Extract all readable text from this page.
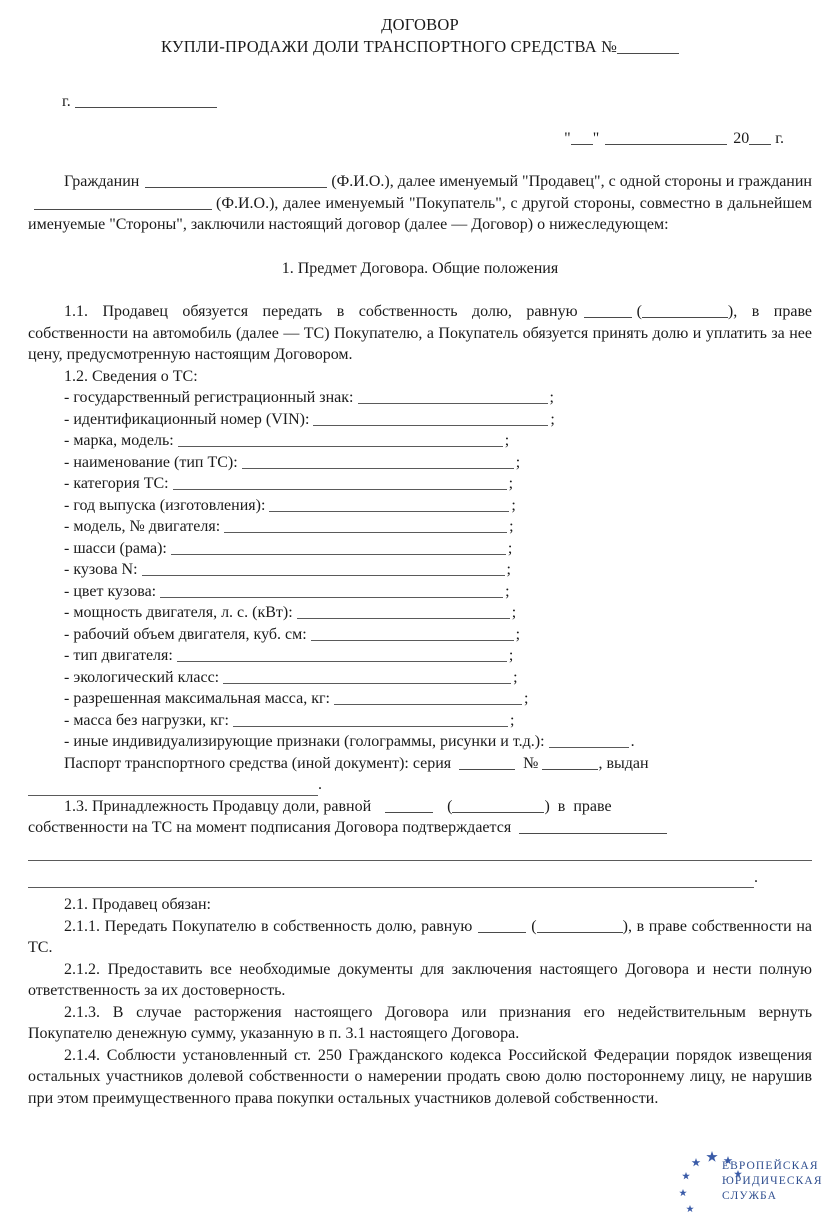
ДОГОВОР
КУПЛИ-ПРОДАЖИ ДОЛИ ТРАНСПОРТНОГО СРЕДСТВА №
г.
" "	20 г.

Гражданин	(Ф.И.О.), далее именуемый "Продавец", с одной стороны и гражданин(Ф.И.О.), далее именуемый "Покупатель", с другой стороны, совместно в дальнейшем именуемые "Стороны", заключили настоящий договор (далее — Договор) о нижеследующем:

1. Предмет Договора. Общие положения

1.1. Продавец обязуется передать в собственность долю, равную	(	), в праве собственности на автомобиль (далее — ТС) Покупателю, а Покупатель обязуется принять долю и уплатить за нее цену, предусмотренную настоящим Договором.

1.2. Сведения о ТС:

- государственный регистрационный знак:	;
- идентификационный номер (VIN):	;
- марка, модель:	;
- наименование (тип ТС):	;
- категория ТС:	;
- год выпуска (изготовления):	;
- модель, № двигателя:	;
- шасси (рама):	;
- кузова N:	;
- цвет кузова:	;
- мощность двигателя, л. с. (кВт):	;
- рабочий объем двигателя, куб. см:	;
- тип двигателя:	;
- экологический класс:	;
- разрешенная максимальная масса, кг:	;
- масса без нагрузки, кг:	;
- иные индивидуализирующие признаки (голограммы, рисунки и т.д.):	.

Паспорт транспортного средства (иной документ): серия	№	, выдан

.

1.3. Принадлежность Продавцу доли, равной	(	)  в  праве
собственности на ТС на момент подписания Договора подтверждается

.

2.1. Продавец обязан:

2.1.1. Передать Покупателю в собственность долю, равную	(	), в праве собственности на ТС.

2.1.2. Предоставить все необходимые документы для заключения настоящего Договора и нести полную ответственность за их достоверность.

2.1.3. В случае расторжения настоящего Договора или признания его недействительным вернуть Покупателю денежную сумму, указанную в п. 3.1 настоящего Договора.

2.1.4. Соблюсти установленный ст. 250 Гражданского кодекса Российской Федерации порядок извещения остальных участников долевой собственности о намерении продать свою долю постороннему лицу, не нарушив при этом преимущественного права покупки остальных участников долевой собственности.

ЕВРОПЕЙСКАЯ
ЮРИДИЧЕСКАЯ
СЛУЖБА
